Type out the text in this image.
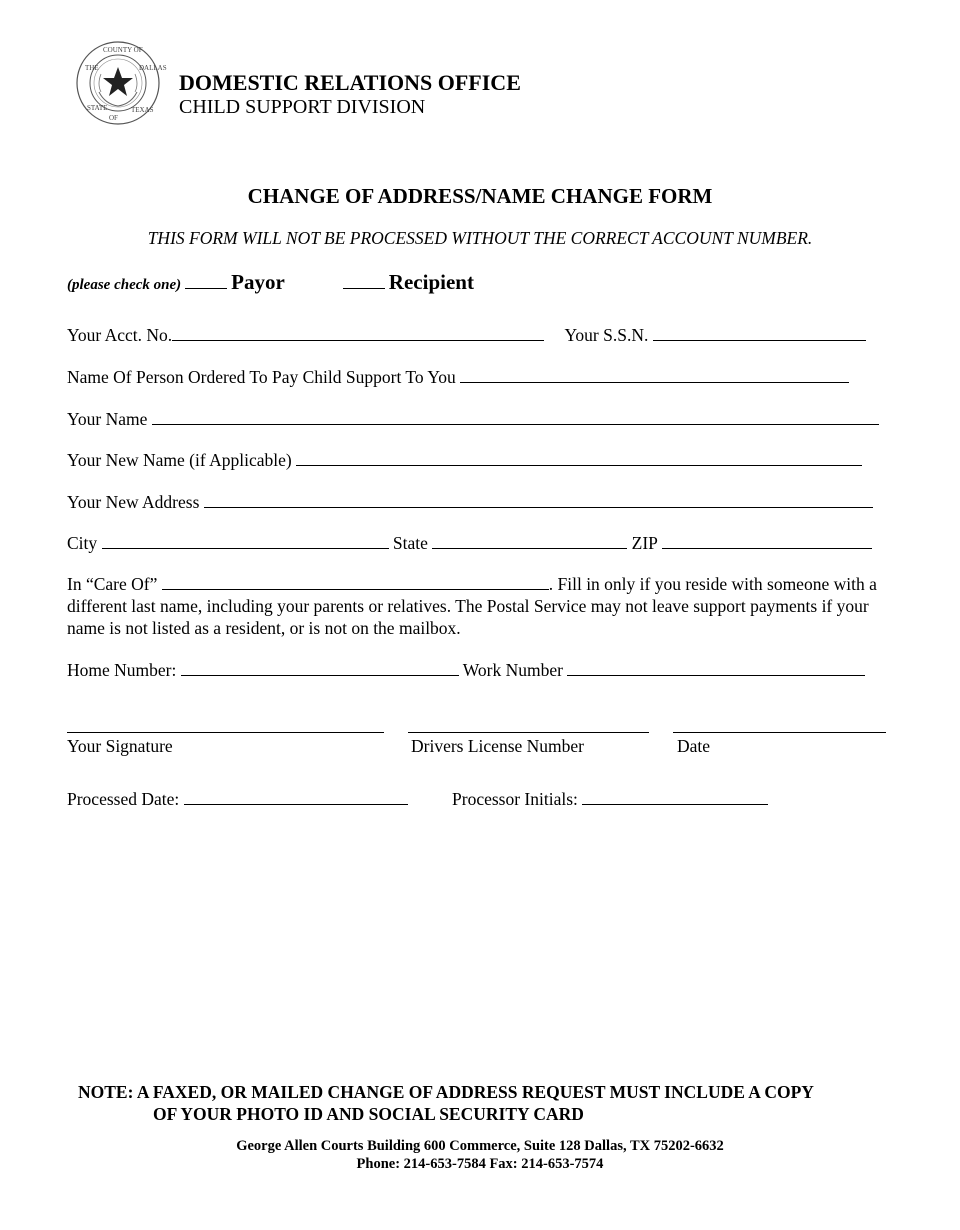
COUNTY OF
THE	DALLAS
STATE
OF
TEXAS
DOMESTIC RELATIONS OFFICE
CHILD SUPPORT DIVISION
CHANGE OF ADDRESS/NAME CHANGE FORM
THIS FORM WILL NOT BE PROCESSED WITHOUT THE CORRECT ACCOUNT NUMBER.
(please check one) Payor	Recipient
Your Acct. No.	Your S.S.N.
Name Of Person Ordered To Pay Child Support To You
Your Name
Your New Name (if Applicable)
Your New Address
City	State	ZIP
In “Care Of”	. Fill in only if you reside with someone with a different last name, including your parents or relatives. The Postal Service may not leave support payments if your name is not listed as a resident, or is not on the mailbox.
Home Number:	Work Number
Your Signature	Drivers License Number	Date
Processed Date:	Processor Initials:
NOTE: A FAXED, OR MAILED CHANGE OF ADDRESS REQUEST MUST INCLUDE A COPY
OF YOUR PHOTO ID AND SOCIAL SECURITY CARD
George Allen Courts Building 600 Commerce, Suite 128 Dallas, TX 75202-6632
Phone: 214-653-7584 Fax: 214-653-7574
